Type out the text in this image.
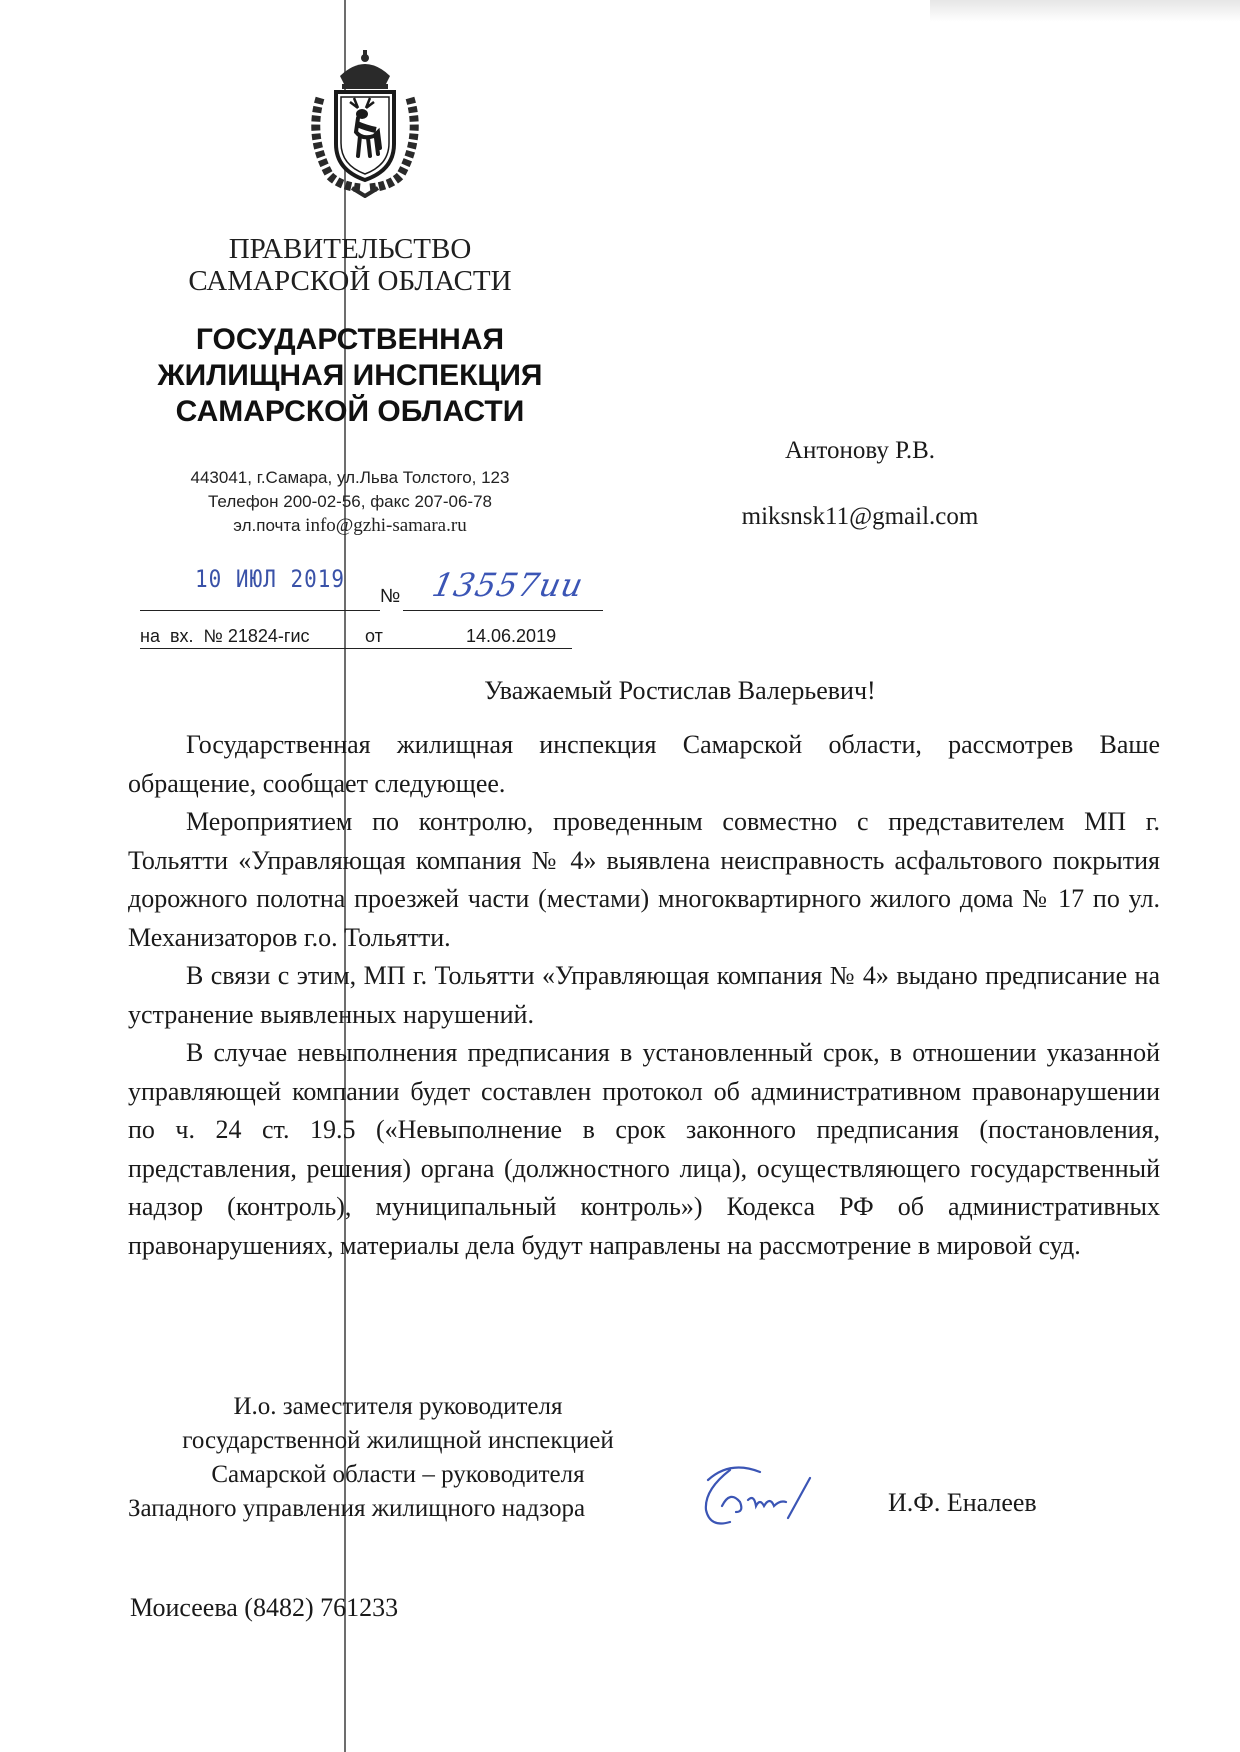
ПРАВИТЕЛЬСТВО
САМАРСКОЙ ОБЛАСТИ
ГОСУДАРСТВЕННАЯ
ЖИЛИЩНАЯ ИНСПЕКЦИЯ
САМАРСКОЙ ОБЛАСТИ
443041, г.Самара, ул.Льва Толстого, 123
Телефон 200-02-56, факс 207-06-78
эл.почта info@gzhi-samara.ru
Антонову Р.В.
miksnsk11@gmail.com
10 ИЮЛ 2019
№ 13557ии
на  вх.  № 21824-гис	от	14.06.2019
Уважаемый Ростислав Валерьевич!

Государственная жилищная инспекция Самарской области, рассмотрев Ваше обращение, сообщает следующее.

Мероприятием по контролю, проведенным совместно с представителем МП г. Тольятти «Управляющая компания № 4» выявлена неисправность асфальтового покрытия дорожного полотна проезжей части (местами) многоквартирного жилого дома № 17 по ул. Механизаторов г.о. Тольятти.

В связи с этим, МП г. Тольятти «Управляющая компания № 4» выдано предписание на устранение выявленных нарушений.

В случае невыполнения предписания в установленный срок, в отношении указанной управляющей компании будет составлен протокол об административном правонарушении по ч. 24 ст. 19.5 («Невыполнение в срок законного предписания (постановления, представления, решения) органа (должностного лица), осуществляющего государственный надзор (контроль), муниципальный контроль») Кодекса РФ об административных правонарушениях, материалы дела будут направлены на рассмотрение в мировой суд.

И.о. заместителя руководителя
государственной жилищной инспекцией
Самарской области – руководителя
Западного управления жилищного надзора	И.Ф. Еналеев
Моисеева (8482) 761233
